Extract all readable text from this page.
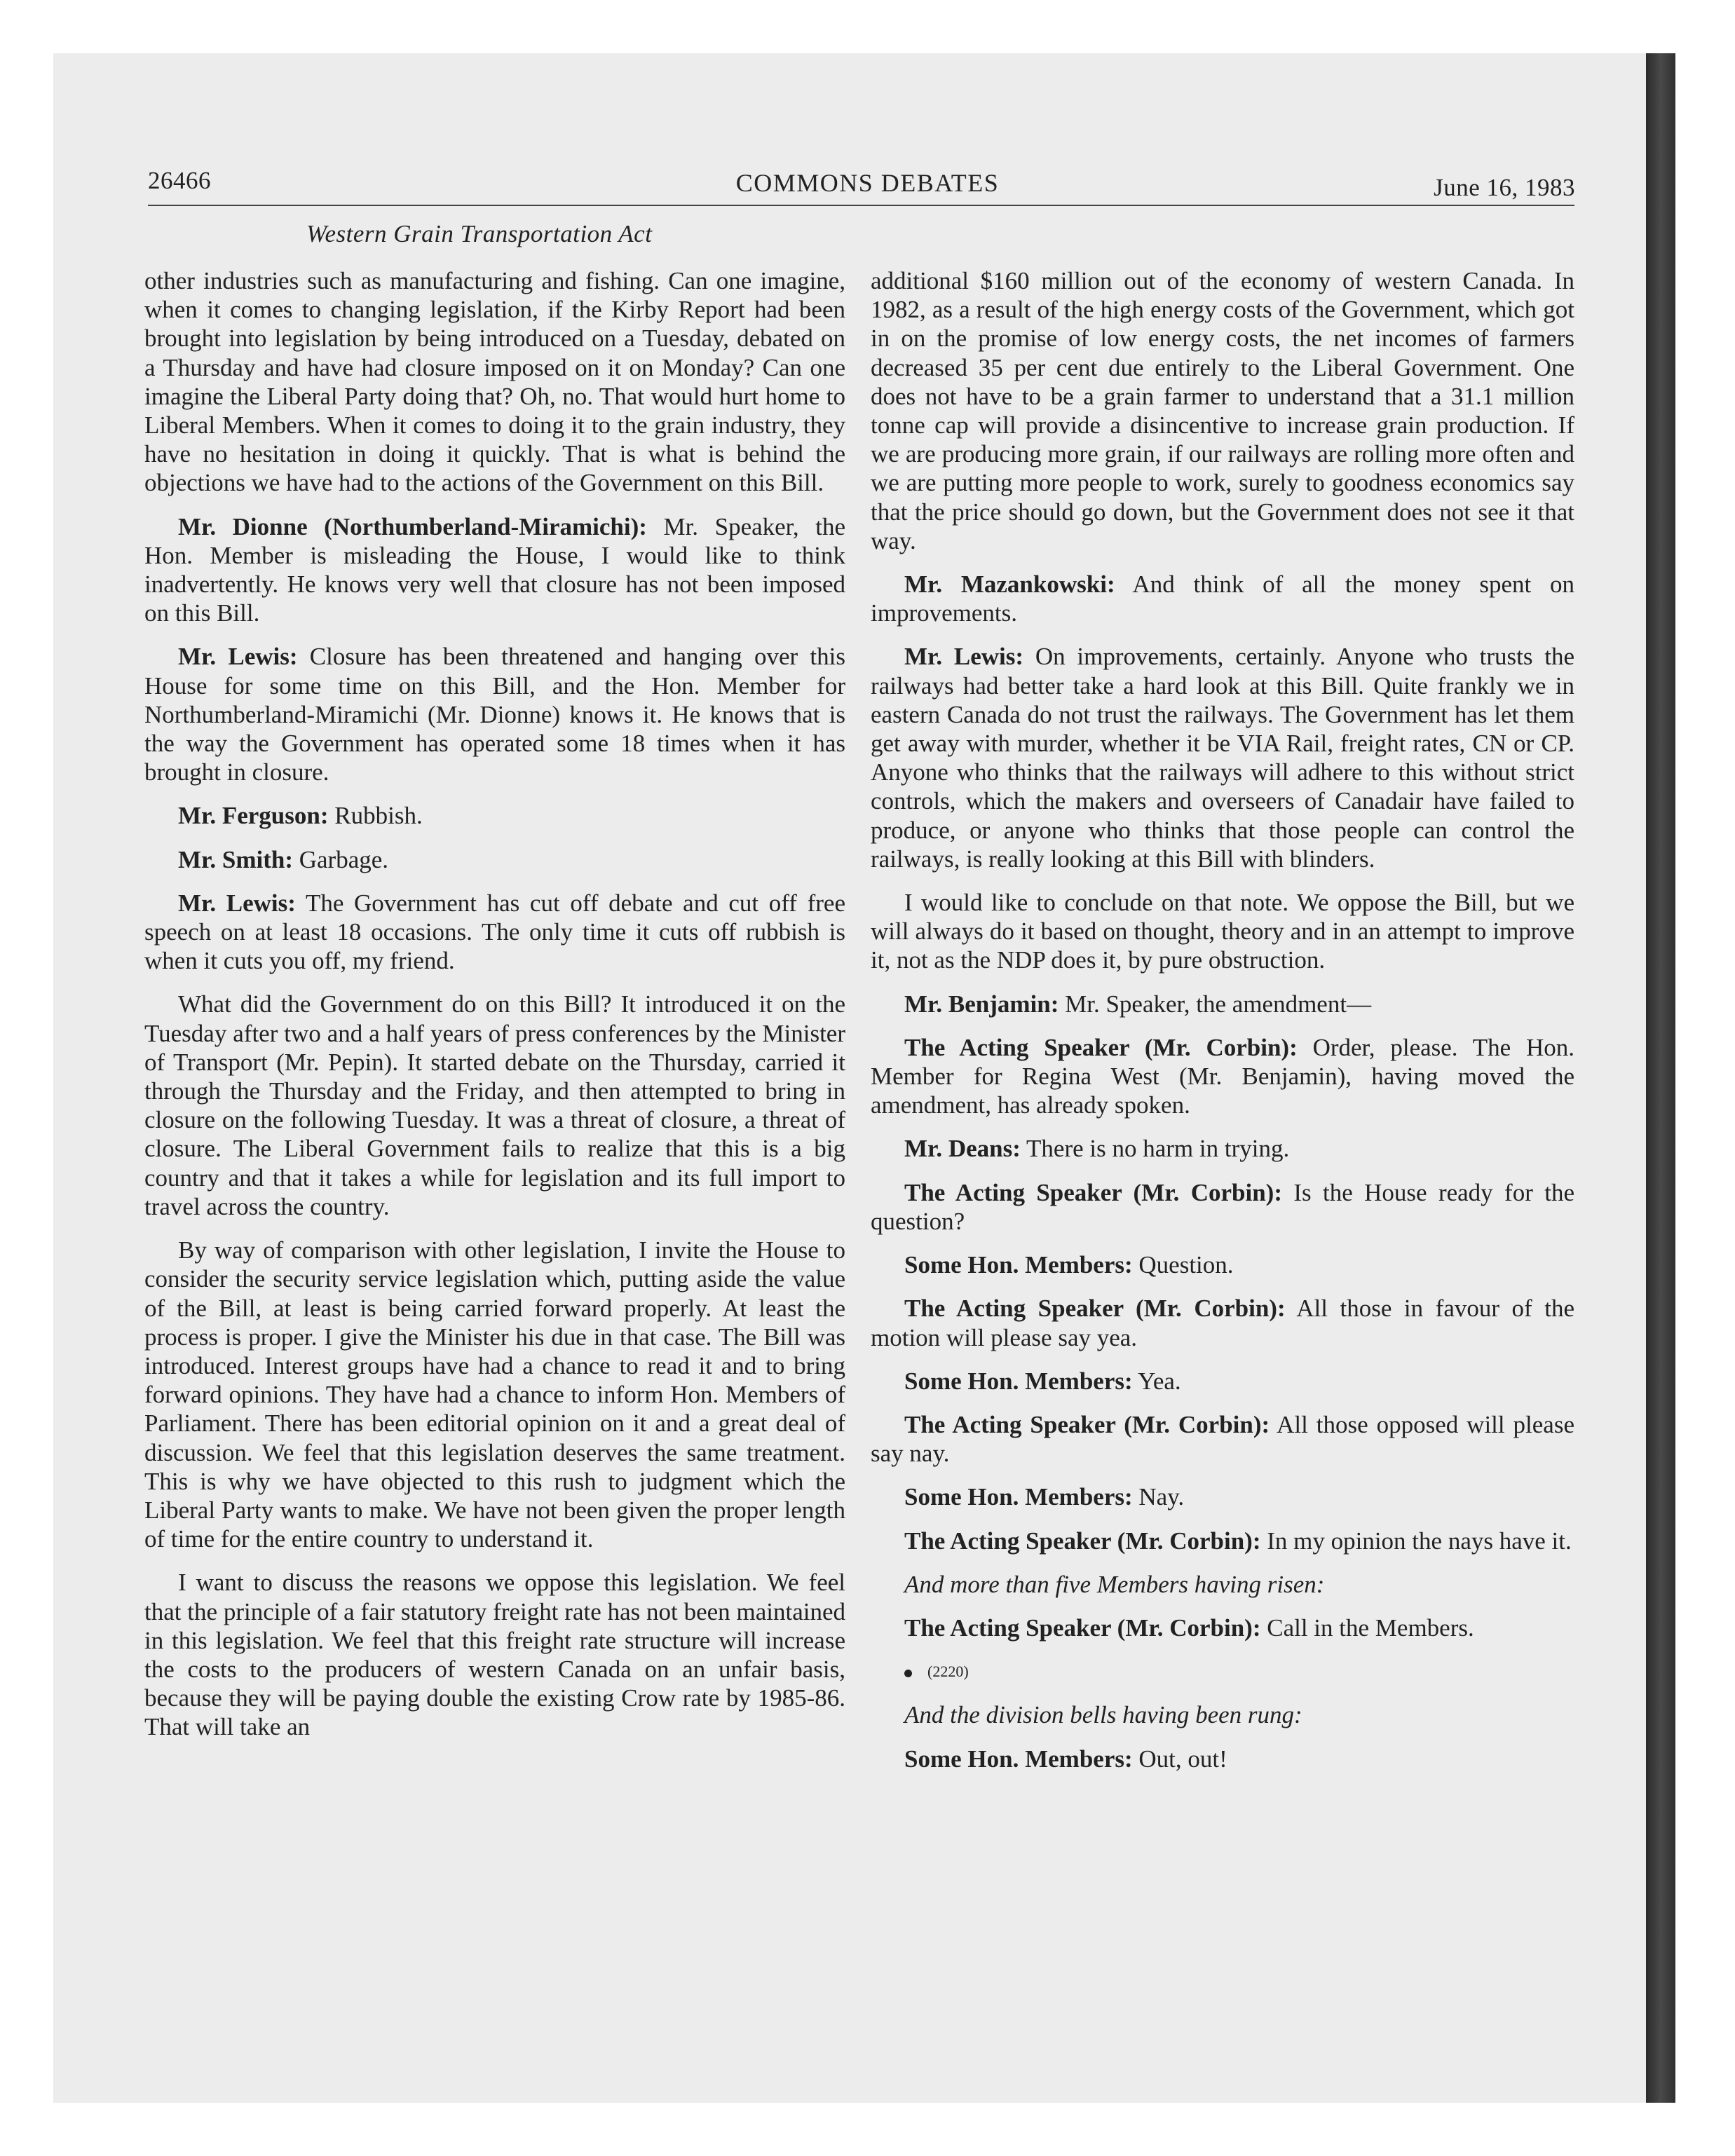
26466	COMMONS DEBATES	June 16, 1983
Western Grain Transportation Act

other industries such as manufacturing and fishing. Can one imagine, when it comes to changing legislation, if the Kirby Report had been brought into legislation by being introduced on a Tuesday, debated on a Thursday and have had closure imposed on it on Monday? Can one imagine the Liberal Party doing that? Oh, no. That would hurt home to Liberal Members. When it comes to doing it to the grain industry, they have no hesitation in doing it quickly. That is what is behind the objections we have had to the actions of the Government on this Bill.

Mr. Dionne (Northumberland-Miramichi): Mr. Speaker, the Hon. Member is misleading the House, I would like to think inadvertently. He knows very well that closure has not been imposed on this Bill.

Mr. Lewis: Closure has been threatened and hanging over this House for some time on this Bill, and the Hon. Member for Northumberland-Miramichi (Mr. Dionne) knows it. He knows that is the way the Government has operated some 18 times when it has brought in closure.

Mr. Ferguson: Rubbish.

Mr. Smith: Garbage.

Mr. Lewis: The Government has cut off debate and cut off free speech on at least 18 occasions. The only time it cuts off rubbish is when it cuts you off, my friend.

What did the Government do on this Bill? It introduced it on the Tuesday after two and a half years of press conferences by the Minister of Transport (Mr. Pepin). It started debate on the Thursday, carried it through the Thursday and the Friday, and then attempted to bring in closure on the following Tuesday. It was a threat of closure, a threat of closure. The Liberal Government fails to realize that this is a big country and that it takes a while for legislation and its full import to travel across the country.

By way of comparison with other legislation, I invite the House to consider the security service legislation which, putting aside the value of the Bill, at least is being carried forward properly. At least the process is proper. I give the Minister his due in that case. The Bill was introduced. Interest groups have had a chance to read it and to bring forward opinions. They have had a chance to inform Hon. Members of Parliament. There has been editorial opinion on it and a great deal of discussion. We feel that this legislation deserves the same treatment. This is why we have objected to this rush to judgment which the Liberal Party wants to make. We have not been given the proper length of time for the entire country to understand it.

I want to discuss the reasons we oppose this legislation. We feel that the principle of a fair statutory freight rate has not been maintained in this legislation. We feel that this freight rate structure will increase the costs to the producers of western Canada on an unfair basis, because they will be paying double the existing Crow rate by 1985-86. That will take an

additional $160 million out of the economy of western Canada. In 1982, as a result of the high energy costs of the Government, which got in on the promise of low energy costs, the net incomes of farmers decreased 35 per cent due entirely to the Liberal Government. One does not have to be a grain farmer to understand that a 31.1 million tonne cap will provide a disincentive to increase grain production. If we are producing more grain, if our railways are rolling more often and we are putting more people to work, surely to goodness economics say that the price should go down, but the Government does not see it that way.

Mr. Mazankowski: And think of all the money spent on improvements.

Mr. Lewis: On improvements, certainly. Anyone who trusts the railways had better take a hard look at this Bill. Quite frankly we in eastern Canada do not trust the railways. The Government has let them get away with murder, whether it be VIA Rail, freight rates, CN or CP. Anyone who thinks that the railways will adhere to this without strict controls, which the makers and overseers of Canadair have failed to produce, or anyone who thinks that those people can control the railways, is really looking at this Bill with blinders.

I would like to conclude on that note. We oppose the Bill, but we will always do it based on thought, theory and in an attempt to improve it, not as the NDP does it, by pure obstruction.

Mr. Benjamin: Mr. Speaker, the amendment—

The Acting Speaker (Mr. Corbin): Order, please. The Hon. Member for Regina West (Mr. Benjamin), having moved the amendment, has already spoken.

Mr. Deans: There is no harm in trying.

The Acting Speaker (Mr. Corbin): Is the House ready for the question?

Some Hon. Members: Question.

The Acting Speaker (Mr. Corbin): All those in favour of the motion will please say yea.

Some Hon. Members: Yea.

The Acting Speaker (Mr. Corbin): All those opposed will please say nay.

Some Hon. Members: Nay.

The Acting Speaker (Mr. Corbin): In my opinion the nays have it.

And more than five Members having risen:

The Acting Speaker (Mr. Corbin): Call in the Members.

(2220)

And the division bells having been rung:

Some Hon. Members: Out, out!
